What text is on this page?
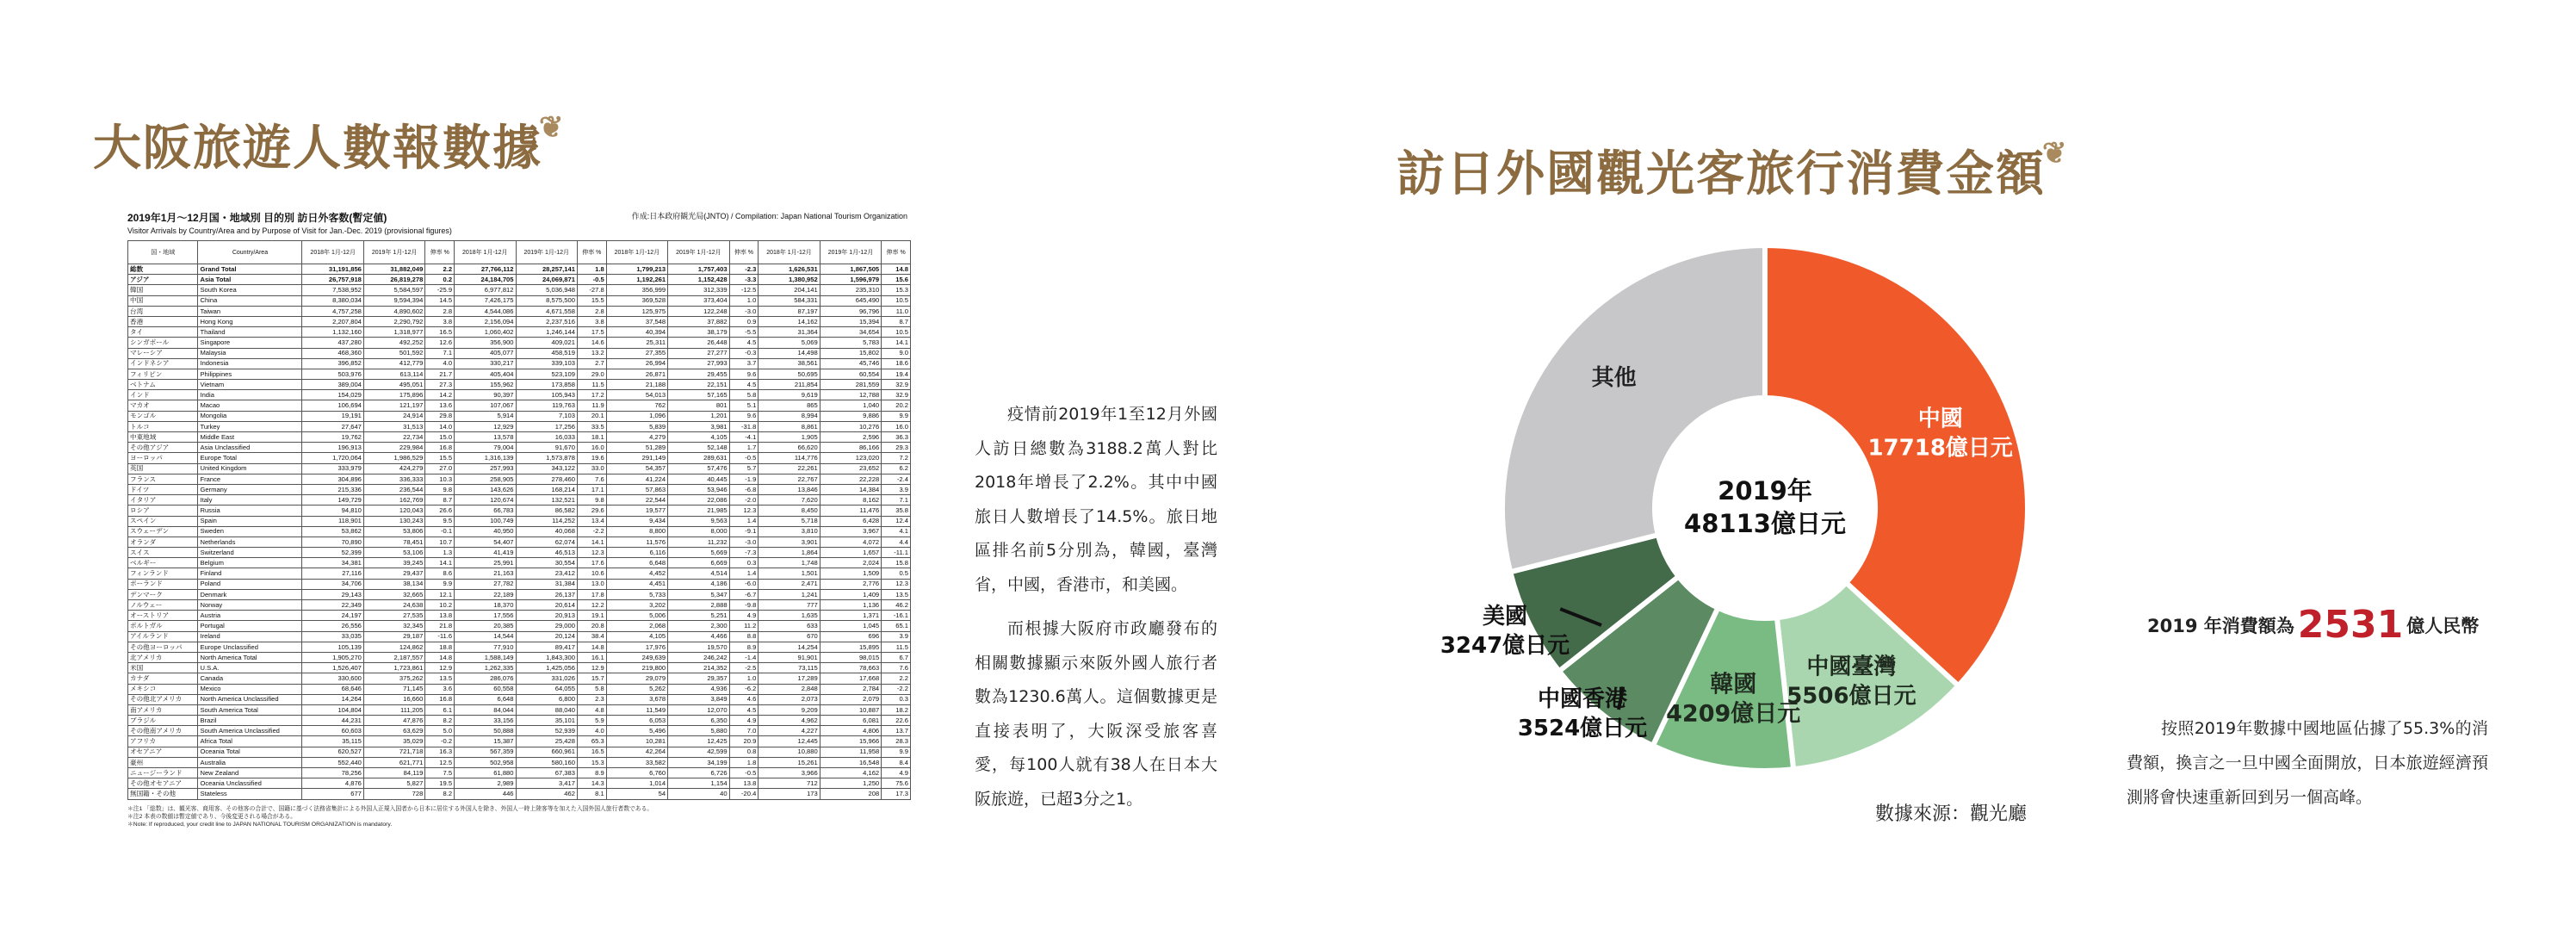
大阪旅遊人數報數據❦
訪日外國觀光客旅行消費金額❦
2019年1月～12月国・地域別 目的別 訪日外客数(暫定値)
Visitor Arrivals by Country/Area and by Purpose of Visit for Jan.-Dec. 2019 (provisional figures)
作成:日本政府観光局(JNTO) / Compilation: Japan National Tourism Organization
国・地域	Country/Area	2018年 1月-12月	2019年 1月-12月	伸率 %	2018年 1月-12月	2019年 1月-12月	伸率 %	2018年 1月-12月	2019年 1月-12月	伸率 %	2018年 1月-12月	2019年 1月-12月	伸率 %
総数	Grand Total	31,191,856	31,882,049	2.2	27,766,112	28,257,141	1.8	1,799,213	1,757,403	-2.3	1,626,531	1,867,505	14.8
アジア	Asia Total	26,757,918	26,819,278	0.2	24,184,705	24,069,871	-0.5	1,192,261	1,152,428	-3.3	1,380,952	1,596,979	15.6
韓国	South Korea	7,538,952	5,584,597	-25.9	6,977,812	5,036,948	-27.8	356,999	312,339	-12.5	204,141	235,310	15.3
中国	China	8,380,034	9,594,394	14.5	7,426,175	8,575,500	15.5	369,528	373,404	1.0	584,331	645,490	10.5
台湾	Taiwan	4,757,258	4,890,602	2.8	4,544,086	4,671,558	2.8	125,975	122,248	-3.0	87,197	96,796	11.0
香港	Hong Kong	2,207,804	2,290,792	3.8	2,156,094	2,237,516	3.8	37,548	37,882	0.9	14,162	15,394	8.7
タイ	Thailand	1,132,160	1,318,977	16.5	1,060,402	1,246,144	17.5	40,394	38,179	-5.5	31,364	34,654	10.5
シンガポール	Singapore	437,280	492,252	12.6	356,900	409,021	14.6	25,311	26,448	4.5	5,069	5,783	14.1
マレーシア	Malaysia	468,360	501,592	7.1	405,077	458,519	13.2	27,355	27,277	-0.3	14,498	15,802	9.0
インドネシア	Indonesia	396,852	412,779	4.0	330,217	339,103	2.7	26,994	27,993	3.7	38,561	45,746	18.6
フィリピン	Philippines	503,976	613,114	21.7	405,404	523,109	29.0	26,871	29,455	9.6	50,695	60,554	19.4
ベトナム	Vietnam	389,004	495,051	27.3	155,962	173,858	11.5	21,188	22,151	4.5	211,854	281,559	32.9
インド	India	154,029	175,896	14.2	90,397	105,943	17.2	54,013	57,165	5.8	9,619	12,788	32.9
マカオ	Macao	106,694	121,197	13.6	107,067	119,763	11.9	762	801	5.1	865	1,040	20.2
モンゴル	Mongolia	19,191	24,914	29.8	5,914	7,103	20.1	1,096	1,201	9.6	8,994	9,886	9.9
トルコ	Turkey	27,647	31,513	14.0	12,929	17,256	33.5	5,839	3,981	-31.8	8,861	10,276	16.0
中東地域	Middle East	19,762	22,734	15.0	13,578	16,033	18.1	4,279	4,105	-4.1	1,905	2,596	36.3
その他アジア	Asia Unclassified	196,913	229,984	16.8	79,004	91,670	16.0	51,289	52,148	1.7	66,620	86,166	29.3
ヨーロッパ	Europe Total	1,720,064	1,986,529	15.5	1,316,139	1,573,878	19.6	291,149	289,631	-0.5	114,776	123,020	7.2
英国	United Kingdom	333,979	424,279	27.0	257,993	343,122	33.0	54,357	57,476	5.7	22,261	23,652	6.2
フランス	France	304,896	336,333	10.3	258,905	278,460	7.6	41,224	40,445	-1.9	22,767	22,228	-2.4
ドイツ	Germany	215,336	236,544	9.8	143,626	168,214	17.1	57,863	53,946	-6.8	13,846	14,384	3.9
イタリア	Italy	149,729	162,769	8.7	120,674	132,521	9.8	22,544	22,086	-2.0	7,620	8,162	7.1
ロシア	Russia	94,810	120,043	26.6	66,783	86,582	29.6	19,577	21,985	12.3	8,450	11,476	35.8
スペイン	Spain	118,901	130,243	9.5	100,749	114,252	13.4	9,434	9,563	1.4	5,718	6,428	12.4
スウェーデン	Sweden	53,862	53,806	-0.1	40,950	40,068	-2.2	8,800	8,000	-9.1	3,810	3,967	4.1
オランダ	Netherlands	70,890	78,451	10.7	54,407	62,074	14.1	11,576	11,232	-3.0	3,901	4,072	4.4
スイス	Switzerland	52,399	53,106	1.3	41,419	46,513	12.3	6,116	5,669	-7.3	1,864	1,657	-11.1
ベルギー	Belgium	34,381	39,245	14.1	25,991	30,554	17.6	6,648	6,669	0.3	1,748	2,024	15.8
フィンランド	Finland	27,116	29,437	8.6	21,163	23,412	10.6	4,452	4,514	1.4	1,501	1,509	0.5
ポーランド	Poland	34,706	38,134	9.9	27,782	31,384	13.0	4,451	4,186	-6.0	2,471	2,776	12.3
デンマーク	Denmark	29,143	32,665	12.1	22,189	26,137	17.8	5,733	5,347	-6.7	1,241	1,409	13.5
ノルウェー	Norway	22,349	24,638	10.2	18,370	20,614	12.2	3,202	2,888	-9.8	777	1,136	46.2
オーストリア	Austria	24,197	27,535	13.8	17,556	20,913	19.1	5,006	5,251	4.9	1,635	1,371	-16.1
ポルトガル	Portugal	26,556	32,345	21.8	20,385	29,000	20.8	2,068	2,300	11.2	633	1,045	65.1
アイルランド	Ireland	33,035	29,187	-11.6	14,544	20,124	38.4	4,105	4,466	8.8	670	696	3.9
その他ヨーロッパ	Europe Unclassified	105,139	124,862	18.8	77,910	89,417	14.8	17,976	19,570	8.9	14,254	15,895	11.5
北アメリカ	North America Total	1,905,270	2,187,557	14.8	1,588,149	1,843,300	16.1	249,639	246,242	-1.4	91,901	98,015	6.7
米国	U.S.A.	1,526,407	1,723,861	12.9	1,262,335	1,425,056	12.9	219,800	214,352	-2.5	73,115	78,663	7.6
カナダ	Canada	330,600	375,262	13.5	286,076	331,026	15.7	29,079	29,357	1.0	17,289	17,668	2.2
メキシコ	Mexico	68,646	71,145	3.6	60,558	64,055	5.8	5,262	4,936	-6.2	2,848	2,784	-2.2
その他北アメリカ	North America Unclassified	14,264	16,660	16.8	6,648	6,800	2.3	3,678	3,849	4.6	2,073	2,079	0.3
南アメリカ	South America Total	104,804	111,205	6.1	84,044	88,040	4.8	11,549	12,070	4.5	9,209	10,887	18.2
ブラジル	Brazil	44,231	47,876	8.2	33,156	35,101	5.9	6,053	6,350	4.9	4,962	6,081	22.6
その他南アメリカ	South America Unclassified	60,603	63,629	5.0	50,888	52,939	4.0	5,496	5,880	7.0	4,227	4,806	13.7
アフリカ	Africa Total	35,115	35,029	-0.2	15,387	25,428	65.3	10,281	12,425	20.9	12,445	15,966	28.3
オセアニア	Oceania Total	620,527	721,718	16.3	567,359	660,961	16.5	42,264	42,599	0.8	10,880	11,958	9.9
豪州	Australia	552,440	621,771	12.5	502,958	580,160	15.3	33,582	34,199	1.8	15,261	16,548	8.4
ニュージーランド	New Zealand	78,256	84,119	7.5	61,880	67,383	8.9	6,760	6,726	-0.5	3,966	4,162	4.9
その他オセアニア	Oceania Unclassified	4,876	5,827	19.5	2,989	3,417	14.3	1,014	1,154	13.8	712	1,250	75.6
無国籍・その他	Stateless	677	728	8.2	446	462	8.1	54	40	-20.4	173	208	17.3
＊注1 「総数」は、観光客、商用客、その他客の合計で、国籍に基づく法務省集計による外国人正規入国者から日本に居住する外国人を除き、外国人一時上陸客等を加えた入国外国人旅行者数である。
＊注2 本表の数値は暫定値であり、今後変更される場合がある。
＊Note: If reproduced, your credit line to JAPAN NATIONAL TOURISM ORGANIZATION is mandatory.

疫情前2019年1至12月外國人訪日總數為3188.2萬人對比2018年增長了2.2%。其中中國旅日人數增長了14.5%。旅日地區排名前5分別為，韓國，臺灣省，中國，香港市，和美國。

而根據大阪府市政廳發布的相關數據顯示來阪外國人旅行者數為1230.6萬人。這個數據更是直接表明了，大阪深受旅客喜愛，每100人就有38人在日本大阪旅遊，已超3分之1。

中國
17718億日元
中國臺灣
5506億日元
韓國
4209億日元
其他
中國香港
3524億日元
美國
3247億日元
2019年
48113億日元
數據來源：觀光廳
2019 年消費額為2531 億人民幣

按照2019年數據中國地區佔據了55.3%的消費額，換言之一旦中國全面開放，日本旅遊經濟預測將會快速重新回到另一個高峰。
